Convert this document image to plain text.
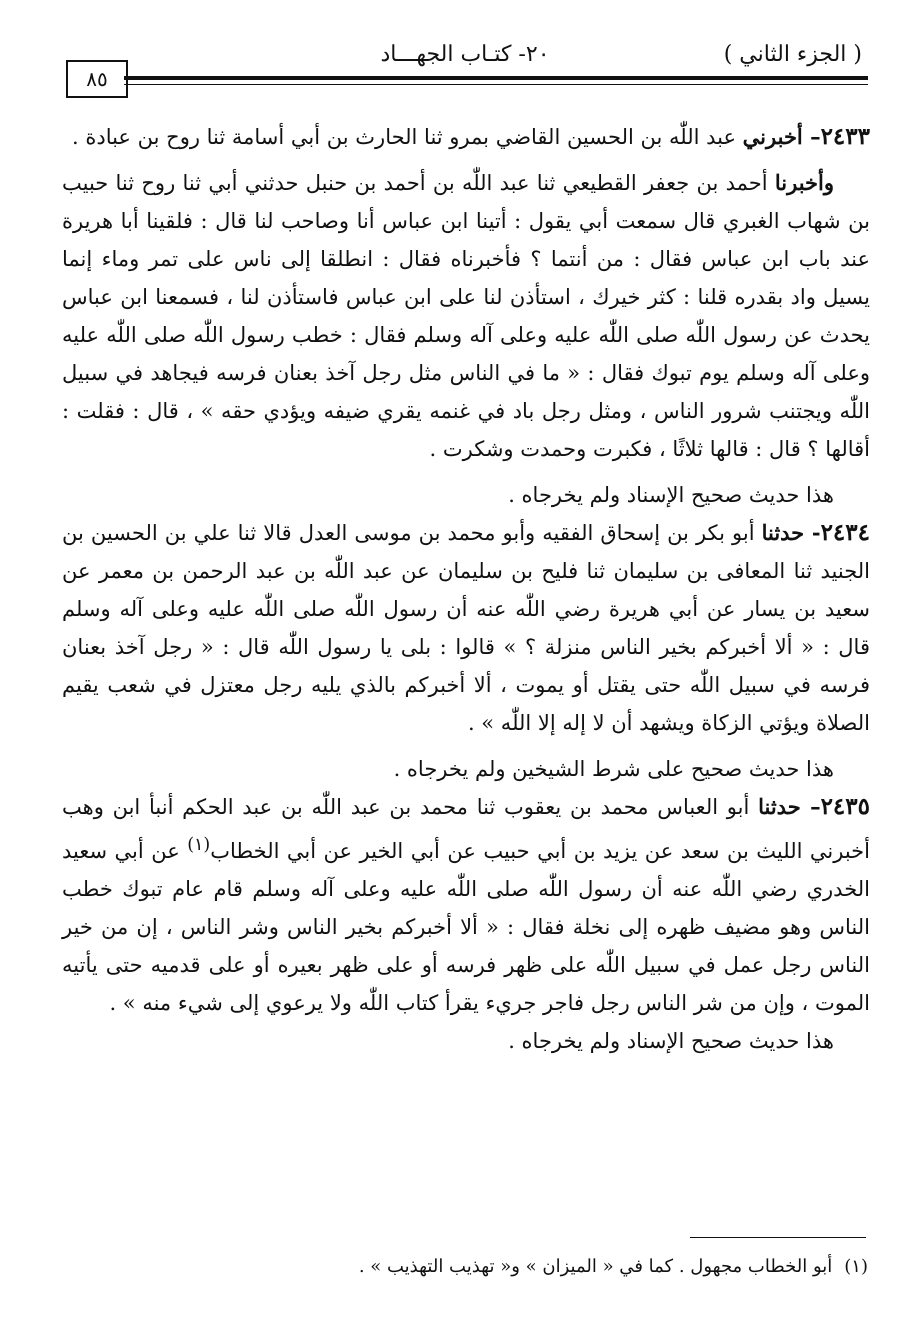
( الجزء الثاني )
٢٠- كتـاب الجهـــاد
٨٥

٢٤٣٣– أخبرني عبد اللّٰه بن الحسين القاضي بمرو ثنا الحارث بن أبي أسامة ثنا روح بن عبادة .

وأخبرنا أحمد بن جعفر القطيعي ثنا عبد اللّٰه بن أحمد بن حنبل حدثني أبي ثنا روح ثنا حبيب بن شهاب الغبري قال سمعت أبي يقول : أتينا ابن عباس أنا وصاحب لنا قال : فلقينا أبا هريرة عند باب ابن عباس فقال : من أنتما ؟ فأخبرناه فقال : انطلقا إلى ناس على تمر وماء إنما يسيل واد بقدره قلنا : كثر خيرك ، استأذن لنا على ابن عباس فاستأذن لنا ، فسمعنا ابن عباس يحدث عن رسول اللّٰه صلى اللّٰه عليه وعلى آله وسلم فقال : خطب رسول اللّٰه صلى اللّٰه عليه وعلى آله وسلم يوم تبوك فقال : « ما في الناس مثل رجل آخذ بعنان فرسه فيجاهد في سبيل اللّٰه ويجتنب شرور الناس ، ومثل رجل باد في غنمه يقري ضيفه ويؤدي حقه » ، قال : فقلت : أقالها ؟ قال : قالها ثلاثًا ، فكبرت وحمدت وشكرت .

هذا حديث صحيح الإسناد ولم يخرجاه .

٢٤٣٤- حدثنا أبو بكر بن إسحاق الفقيه وأبو محمد بن موسى العدل قالا ثنا علي بن الحسين بن الجنيد ثنا المعافى بن سليمان ثنا فليح بن سليمان عن عبد اللّٰه بن عبد الرحمن بن معمر عن سعيد بن يسار عن أبي هريرة رضي اللّٰه عنه أن رسول اللّٰه صلى اللّٰه عليه وعلى آله وسلم قال : « ألا أخبركم بخير الناس منزلة ؟ » قالوا : بلى يا رسول اللّٰه قال : « رجل آخذ بعنان فرسه في سبيل اللّٰه حتى يقتل أو يموت ، ألا أخبركم بالذي يليه رجل معتزل في شعب يقيم الصلاة ويؤتي الزكاة ويشهد أن لا إله إلا اللّٰه » .

هذا حديث صحيح على شرط الشيخين ولم يخرجاه .

٢٤٣٥– حدثنا أبو العباس محمد بن يعقوب ثنا محمد بن عبد اللّٰه بن عبد الحكم أنبأ ابن وهب أخبرني الليث بن سعد عن يزيد بن أبي حبيب عن أبي الخير عن أبي الخطاب$^{(١)}$ عن أبي سعيد الخدري رضي اللّٰه عنه أن رسول اللّٰه صلى اللّٰه عليه وعلى آله وسلم قام عام تبوك خطب الناس وهو مضيف ظهره إلى نخلة فقال : « ألا أخبركم بخير الناس وشر الناس ، إن من خير الناس رجل عمل في سبيل اللّٰه على ظهر فرسه أو على ظهر بعيره أو على قدميه حتى يأتيه الموت ، وإن من شر الناس رجل فاجر جريء يقرأ كتاب اللّٰه ولا يرعوي إلى شيء منه » .

هذا حديث صحيح الإسناد ولم يخرجاه .

(١)أبو الخطاب مجهول . كما في « الميزان » و« تهذيب التهذيب » .
